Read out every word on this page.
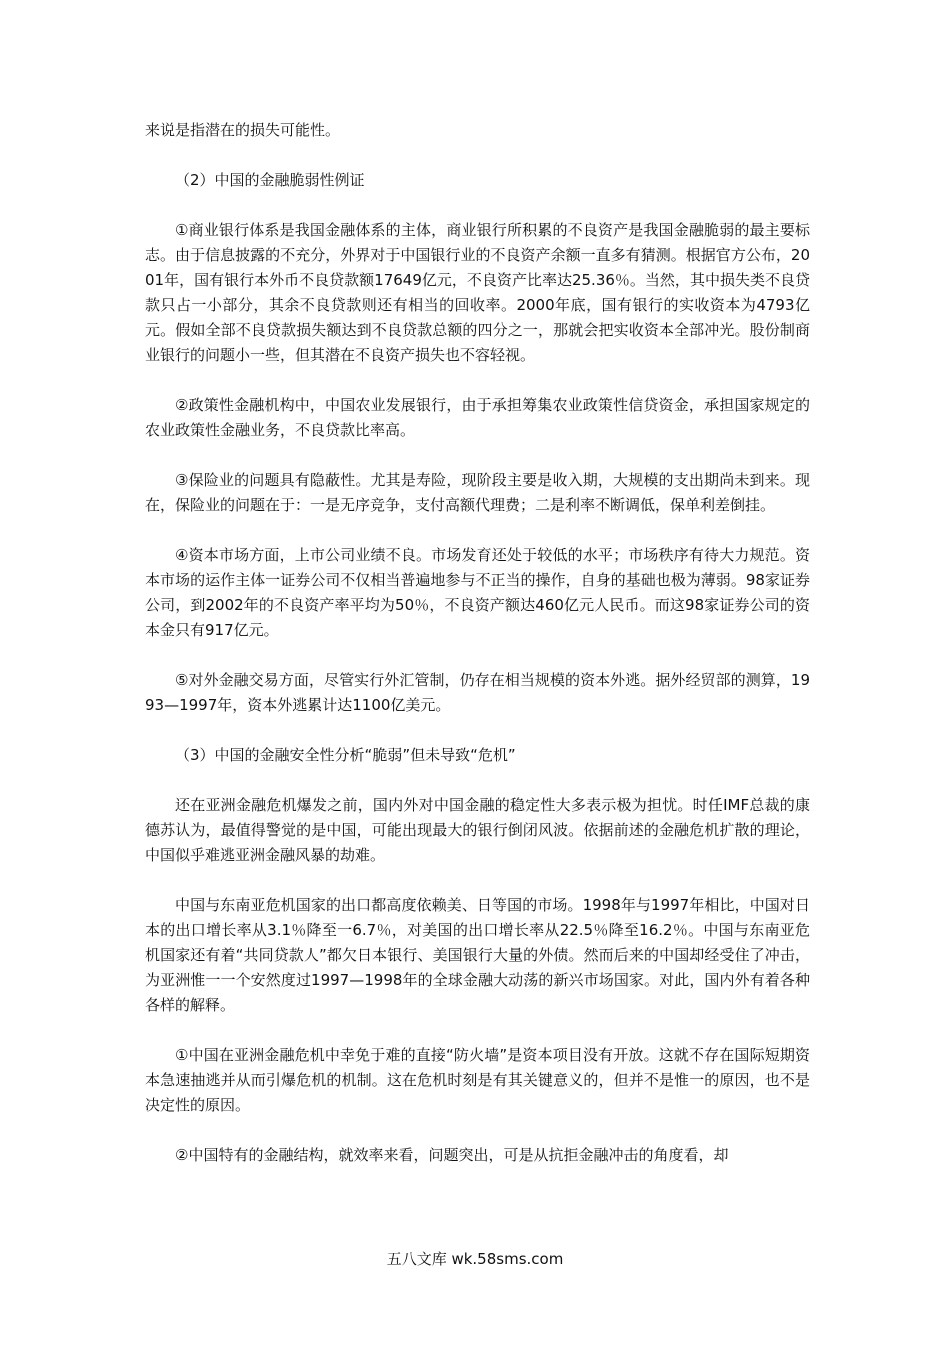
来说是指潜在的损失可能性。

（2）中国的金融脆弱性例证

①商业银行体系是我国金融体系的主体，商业银行所积累的不良资产是我国金融脆弱的最主要标志。由于信息披露的不充分，外界对于中国银行业的不良资产余额一直多有猜测。根据官方公布，2001年，国有银行本外币不良贷款额17649亿元，不良资产比率达25.36％。当然，其中损失类不良贷款只占一小部分，其余不良贷款则还有相当的回收率。2000年底，国有银行的实收资本为4793亿元。假如全部不良贷款损失额达到不良贷款总额的四分之一，那就会把实收资本全部冲光。股份制商业银行的问题小一些，但其潜在不良资产损失也不容轻视。

②政策性金融机构中，中国农业发展银行，由于承担筹集农业政策性信贷资金，承担国家规定的农业政策性金融业务，不良贷款比率高。

③保险业的问题具有隐蔽性。尤其是寿险，现阶段主要是收入期，大规模的支出期尚未到来。现在，保险业的问题在于：一是无序竞争，支付高额代理费；二是利率不断调低，保单利差倒挂。

④资本市场方面，上市公司业绩不良。市场发育还处于较低的水平；市场秩序有待大力规范。资本市场的运作主体一证券公司不仅相当普遍地参与不正当的操作，自身的基础也极为薄弱。98家证券公司，到2002年的不良资产率平均为50％，不良资产额达460亿元人民币。而这98家证券公司的资本金只有917亿元。

⑤对外金融交易方面，尽管实行外汇管制，仍存在相当规模的资本外逃。据外经贸部的测算，1993—1997年，资本外逃累计达1100亿美元。

（3）中国的金融安全性分析“脆弱”但未导致“危机”

还在亚洲金融危机爆发之前，国内外对中国金融的稳定性大多表示极为担忧。时任IMF总裁的康德苏认为，最值得警觉的是中国，可能出现最大的银行倒闭风波。依据前述的金融危机扩散的理论，中国似乎难逃亚洲金融风暴的劫难。

中国与东南亚危机国家的出口都高度依赖美、日等国的市场。1998年与1997年相比，中国对日本的出口增长率从3.1％降至一6.7％，对美国的出口增长率从22.5％降至16.2％。中国与东南亚危机国家还有着“共同贷款人”都欠日本银行、美国银行大量的外债。然而后来的中国却经受住了冲击，为亚洲惟一一个安然度过1997—1998年的全球金融大动荡的新兴市场国家。对此，国内外有着各种各样的解释。

①中国在亚洲金融危机中幸免于难的直接“防火墙”是资本项目没有开放。这就不存在国际短期资本急速抽逃并从而引爆危机的机制。这在危机时刻是有其关键意义的，但并不是惟一的原因，也不是决定性的原因。

②中国特有的金融结构，就效率来看，问题突出，可是从抗拒金融冲击的角度看，却

五八文库 wk.58sms.com
